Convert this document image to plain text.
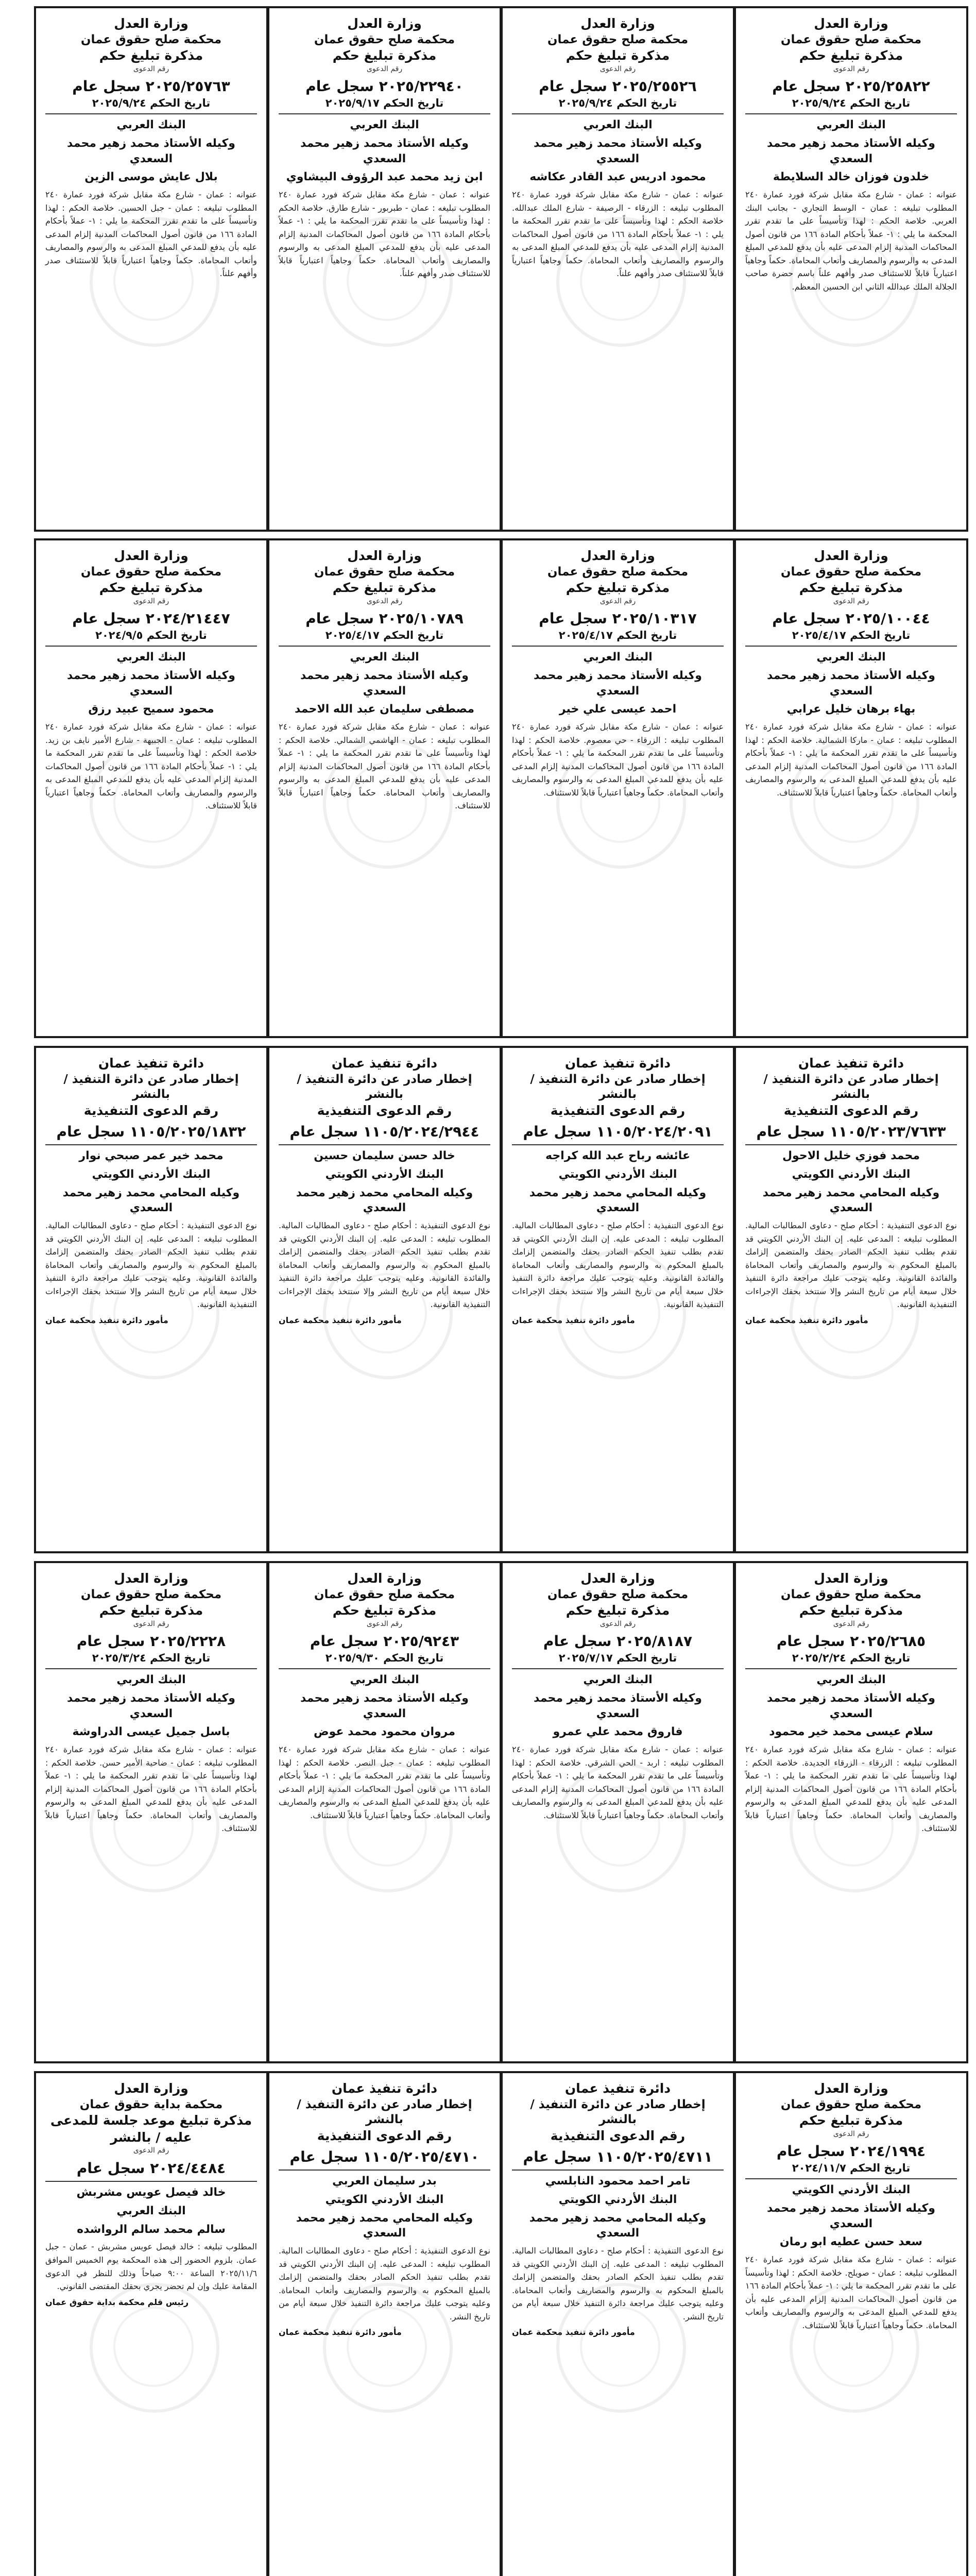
وزارة العدل
محكمة صلح حقوق عمان
مذكرة تبليغ حكم
رقم الدعوى
٢٠٢٥/٢٥٨٢٢ سجل عام
تاريخ الحكم ٢٠٢٥/٩/٢٤
البنك العربي
وكيله الأستاذ محمد زهير محمد السعدي
خلدون فوزان خالد السلايطة
عنوانه : عمان - شارع مكة مقابل شركة فورد عمارة ٢٤٠ المطلوب تبليغه : عمان - الوسط التجاري - بجانب البنك العربي. خلاصة الحكم : لهذا وتأسيساً على ما تقدم تقرر المحكمة ما يلي : ١- عملاً بأحكام المادة ١٦٦ من قانون أصول المحاكمات المدنية إلزام المدعى عليه بأن يدفع للمدعي المبلغ المدعى به والرسوم والمصاريف وأتعاب المحاماة. حكماً وجاهياً اعتبارياً قابلاً للاستئناف صدر وأفهم علناً باسم حضرة صاحب الجلالة الملك عبدالله الثاني ابن الحسين المعظم.
وزارة العدل
محكمة صلح حقوق عمان
مذكرة تبليغ حكم
رقم الدعوى
٢٠٢٥/٢٥٥٢٦ سجل عام
تاريخ الحكم ٢٠٢٥/٩/٢٤
البنك العربي
وكيله الأستاذ محمد زهير محمد السعدي
محمود ادريس عبد القادر عكاشه
عنوانه : عمان - شارع مكة مقابل شركة فورد عمارة ٢٤٠ المطلوب تبليغه : الزرقاء - الرصيفة - شارع الملك عبدالله. خلاصة الحكم : لهذا وتأسيساً على ما تقدم تقرر المحكمة ما يلي : ١- عملاً بأحكام المادة ١٦٦ من قانون أصول المحاكمات المدنية إلزام المدعى عليه بأن يدفع للمدعي المبلغ المدعى به والرسوم والمصاريف وأتعاب المحاماة. حكماً وجاهياً اعتبارياً قابلاً للاستئناف صدر وأفهم علناً.
وزارة العدل
محكمة صلح حقوق عمان
مذكرة تبليغ حكم
رقم الدعوى
٢٠٢٥/٢٢٩٤٠ سجل عام
تاريخ الحكم ٢٠٢٥/٩/١٧
البنك العربي
وكيله الأستاذ محمد زهير محمد السعدي
ابن زيد محمد عبد الرؤوف البيشاوي
عنوانه : عمان - شارع مكة مقابل شركة فورد عمارة ٢٤٠ المطلوب تبليغه : عمان - طبربور - شارع طارق. خلاصة الحكم : لهذا وتأسيساً على ما تقدم تقرر المحكمة ما يلي : ١- عملاً بأحكام المادة ١٦٦ من قانون أصول المحاكمات المدنية إلزام المدعى عليه بأن يدفع للمدعي المبلغ المدعى به والرسوم والمصاريف وأتعاب المحاماة. حكماً وجاهياً اعتبارياً قابلاً للاستئناف صدر وأفهم علناً.
وزارة العدل
محكمة صلح حقوق عمان
مذكرة تبليغ حكم
رقم الدعوى
٢٠٢٥/٢٥٧٦٣ سجل عام
تاريخ الحكم ٢٠٢٥/٩/٢٤
البنك العربي
وكيله الأستاذ محمد زهير محمد السعدي
بلال عايش موسى الزين
عنوانه : عمان - شارع مكة مقابل شركة فورد عمارة ٢٤٠ المطلوب تبليغه : عمان - جبل الحسين. خلاصة الحكم : لهذا وتأسيساً على ما تقدم تقرر المحكمة ما يلي : ١- عملاً بأحكام المادة ١٦٦ من قانون أصول المحاكمات المدنية إلزام المدعى عليه بأن يدفع للمدعي المبلغ المدعى به والرسوم والمصاريف وأتعاب المحاماة. حكماً وجاهياً اعتبارياً قابلاً للاستئناف صدر وأفهم علناً.
وزارة العدل
محكمة صلح حقوق عمان
مذكرة تبليغ حكم
رقم الدعوى
٢٠٢٥/١٠٠٤٤ سجل عام
تاريخ الحكم ٢٠٢٥/٤/١٧
البنك العربي
وكيله الأستاذ محمد زهير محمد السعدي
بهاء برهان خليل عرابي
عنوانه : عمان - شارع مكة مقابل شركة فورد عمارة ٢٤٠ المطلوب تبليغه : عمان - ماركا الشمالية. خلاصة الحكم : لهذا وتأسيساً على ما تقدم تقرر المحكمة ما يلي : ١- عملاً بأحكام المادة ١٦٦ من قانون أصول المحاكمات المدنية إلزام المدعى عليه بأن يدفع للمدعي المبلغ المدعى به والرسوم والمصاريف وأتعاب المحاماة. حكماً وجاهياً اعتبارياً قابلاً للاستئناف.
وزارة العدل
محكمة صلح حقوق عمان
مذكرة تبليغ حكم
رقم الدعوى
٢٠٢٥/١٠٣١٧ سجل عام
تاريخ الحكم ٢٠٢٥/٤/١٧
البنك العربي
وكيله الأستاذ محمد زهير محمد السعدي
احمد عيسى علي خير
عنوانه : عمان - شارع مكة مقابل شركة فورد عمارة ٢٤٠ المطلوب تبليغه : الزرقاء - حي معصوم. خلاصة الحكم : لهذا وتأسيساً على ما تقدم تقرر المحكمة ما يلي : ١- عملاً بأحكام المادة ١٦٦ من قانون أصول المحاكمات المدنية إلزام المدعى عليه بأن يدفع للمدعي المبلغ المدعى به والرسوم والمصاريف وأتعاب المحاماة. حكماً وجاهياً اعتبارياً قابلاً للاستئناف.
وزارة العدل
محكمة صلح حقوق عمان
مذكرة تبليغ حكم
رقم الدعوى
٢٠٢٥/١٠٧٨٩ سجل عام
تاريخ الحكم ٢٠٢٥/٤/١٧
البنك العربي
وكيله الأستاذ محمد زهير محمد السعدي
مصطفى سليمان عبد الله الاحمد
عنوانه : عمان - شارع مكة مقابل شركة فورد عمارة ٢٤٠ المطلوب تبليغه : عمان - الهاشمي الشمالي. خلاصة الحكم : لهذا وتأسيساً على ما تقدم تقرر المحكمة ما يلي : ١- عملاً بأحكام المادة ١٦٦ من قانون أصول المحاكمات المدنية إلزام المدعى عليه بأن يدفع للمدعي المبلغ المدعى به والرسوم والمصاريف وأتعاب المحاماة. حكماً وجاهياً اعتبارياً قابلاً للاستئناف.
وزارة العدل
محكمة صلح حقوق عمان
مذكرة تبليغ حكم
رقم الدعوى
٢٠٢٤/٢١٤٤٧ سجل عام
تاريخ الحكم ٢٠٢٤/٩/٥
البنك العربي
وكيله الأستاذ محمد زهير محمد السعدي
محمود سميح عبيد رزق
عنوانه : عمان - شارع مكة مقابل شركة فورد عمارة ٢٤٠ المطلوب تبليغه : عمان - الجبيهة - شارع الأمير نايف بن زيد. خلاصة الحكم : لهذا وتأسيساً على ما تقدم تقرر المحكمة ما يلي : ١- عملاً بأحكام المادة ١٦٦ من قانون أصول المحاكمات المدنية إلزام المدعى عليه بأن يدفع للمدعي المبلغ المدعى به والرسوم والمصاريف وأتعاب المحاماة. حكماً وجاهياً اعتبارياً قابلاً للاستئناف.
دائرة تنفيذ عمان
إخطار صادر عن دائرة التنفيذ / بالنشر
رقم الدعوى التنفيذية
١١٠٥/٢٠٢٣/٧٦٣٣ سجل عام
محمد فوزي خليل الاحول
البنك الأردني الكويتي
وكيله المحامي محمد زهير محمد السعدي
نوع الدعوى التنفيذية : أحكام صلح - دعاوى المطالبات المالية. المطلوب تبليغه : المدعى عليه. إن البنك الأردني الكويتي قد تقدم بطلب تنفيذ الحكم الصادر بحقك والمتضمن إلزامك بالمبلغ المحكوم به والرسوم والمصاريف وأتعاب المحاماة والفائدة القانونية. وعليه يتوجب عليك مراجعة دائرة التنفيذ خلال سبعة أيام من تاريخ النشر وإلا ستتخذ بحقك الإجراءات التنفيذية القانونية.
مأمور دائرة تنفيذ محكمة عمان
دائرة تنفيذ عمان
إخطار صادر عن دائرة التنفيذ / بالنشر
رقم الدعوى التنفيذية
١١٠٥/٢٠٢٤/٢٠٩١ سجل عام
عائشه رباح عبد الله كراجه
البنك الأردني الكويتي
وكيله المحامي محمد زهير محمد السعدي
نوع الدعوى التنفيذية : أحكام صلح - دعاوى المطالبات المالية. المطلوب تبليغه : المدعى عليه. إن البنك الأردني الكويتي قد تقدم بطلب تنفيذ الحكم الصادر بحقك والمتضمن إلزامك بالمبلغ المحكوم به والرسوم والمصاريف وأتعاب المحاماة والفائدة القانونية. وعليه يتوجب عليك مراجعة دائرة التنفيذ خلال سبعة أيام من تاريخ النشر وإلا ستتخذ بحقك الإجراءات التنفيذية القانونية.
مأمور دائرة تنفيذ محكمة عمان
دائرة تنفيذ عمان
إخطار صادر عن دائرة التنفيذ / بالنشر
رقم الدعوى التنفيذية
١١٠٥/٢٠٢٤/٢٩٤٤ سجل عام
خالد حسن سليمان حسين
البنك الأردني الكويتي
وكيله المحامي محمد زهير محمد السعدي
نوع الدعوى التنفيذية : أحكام صلح - دعاوى المطالبات المالية. المطلوب تبليغه : المدعى عليه. إن البنك الأردني الكويتي قد تقدم بطلب تنفيذ الحكم الصادر بحقك والمتضمن إلزامك بالمبلغ المحكوم به والرسوم والمصاريف وأتعاب المحاماة والفائدة القانونية. وعليه يتوجب عليك مراجعة دائرة التنفيذ خلال سبعة أيام من تاريخ النشر وإلا ستتخذ بحقك الإجراءات التنفيذية القانونية.
مأمور دائرة تنفيذ محكمة عمان
دائرة تنفيذ عمان
إخطار صادر عن دائرة التنفيذ / بالنشر
رقم الدعوى التنفيذية
١١٠٥/٢٠٢٥/١٨٣٢ سجل عام
محمد خير عمر صبحي نوار
البنك الأردني الكويتي
وكيله المحامي محمد زهير محمد السعدي
نوع الدعوى التنفيذية : أحكام صلح - دعاوى المطالبات المالية. المطلوب تبليغه : المدعى عليه. إن البنك الأردني الكويتي قد تقدم بطلب تنفيذ الحكم الصادر بحقك والمتضمن إلزامك بالمبلغ المحكوم به والرسوم والمصاريف وأتعاب المحاماة والفائدة القانونية. وعليه يتوجب عليك مراجعة دائرة التنفيذ خلال سبعة أيام من تاريخ النشر وإلا ستتخذ بحقك الإجراءات التنفيذية القانونية.
مأمور دائرة تنفيذ محكمة عمان
وزارة العدل
محكمة صلح حقوق عمان
مذكرة تبليغ حكم
رقم الدعوى
٢٠٢٥/٢٦٨٥ سجل عام
تاريخ الحكم ٢٠٢٥/٢/٢٤
البنك العربي
وكيله الأستاذ محمد زهير محمد السعدي
سلام عيسى محمد خير محمود
عنوانه : عمان - شارع مكة مقابل شركة فورد عمارة ٢٤٠ المطلوب تبليغه : الزرقاء - الزرقاء الجديدة. خلاصة الحكم : لهذا وتأسيساً على ما تقدم تقرر المحكمة ما يلي : ١- عملاً بأحكام المادة ١٦٦ من قانون أصول المحاكمات المدنية إلزام المدعى عليه بأن يدفع للمدعي المبلغ المدعى به والرسوم والمصاريف وأتعاب المحاماة. حكماً وجاهياً اعتبارياً قابلاً للاستئناف.
وزارة العدل
محكمة صلح حقوق عمان
مذكرة تبليغ حكم
رقم الدعوى
٢٠٢٥/٨١٨٧ سجل عام
تاريخ الحكم ٢٠٢٥/٧/١٧
البنك العربي
وكيله الأستاذ محمد زهير محمد السعدي
فاروق محمد علي عمرو
عنوانه : عمان - شارع مكة مقابل شركة فورد عمارة ٢٤٠ المطلوب تبليغه : اربد - الحي الشرقي. خلاصة الحكم : لهذا وتأسيساً على ما تقدم تقرر المحكمة ما يلي : ١- عملاً بأحكام المادة ١٦٦ من قانون أصول المحاكمات المدنية إلزام المدعى عليه بأن يدفع للمدعي المبلغ المدعى به والرسوم والمصاريف وأتعاب المحاماة. حكماً وجاهياً اعتبارياً قابلاً للاستئناف.
وزارة العدل
محكمة صلح حقوق عمان
مذكرة تبليغ حكم
رقم الدعوى
٢٠٢٥/٩٢٤٣ سجل عام
تاريخ الحكم ٢٠٢٥/٩/٣٠
البنك العربي
وكيله الأستاذ محمد زهير محمد السعدي
مروان محمود محمد عوض
عنوانه : عمان - شارع مكة مقابل شركة فورد عمارة ٢٤٠ المطلوب تبليغه : عمان - جبل النصر. خلاصة الحكم : لهذا وتأسيساً على ما تقدم تقرر المحكمة ما يلي : ١- عملاً بأحكام المادة ١٦٦ من قانون أصول المحاكمات المدنية إلزام المدعى عليه بأن يدفع للمدعي المبلغ المدعى به والرسوم والمصاريف وأتعاب المحاماة. حكماً وجاهياً اعتبارياً قابلاً للاستئناف.
وزارة العدل
محكمة صلح حقوق عمان
مذكرة تبليغ حكم
رقم الدعوى
٢٠٢٥/٢٢٢٨ سجل عام
تاريخ الحكم ٢٠٢٥/٣/٢٤
البنك العربي
وكيله الأستاذ محمد زهير محمد السعدي
باسل جميل عيسى الدراوشة
عنوانه : عمان - شارع مكة مقابل شركة فورد عمارة ٢٤٠ المطلوب تبليغه : عمان - ضاحية الأمير حسن. خلاصة الحكم : لهذا وتأسيساً على ما تقدم تقرر المحكمة ما يلي : ١- عملاً بأحكام المادة ١٦٦ من قانون أصول المحاكمات المدنية إلزام المدعى عليه بأن يدفع للمدعي المبلغ المدعى به والرسوم والمصاريف وأتعاب المحاماة. حكماً وجاهياً اعتبارياً قابلاً للاستئناف.
وزارة العدل
محكمة صلح حقوق عمان
مذكرة تبليغ حكم
رقم الدعوى
٢٠٢٤/١٩٩٤ سجل عام
تاريخ الحكم ٢٠٢٤/١١/٧
البنك الأردني الكويتي
وكيله الأستاذ محمد زهير محمد السعدي
سعد حسن عطيه ابو رمان
عنوانه : عمان - شارع مكة مقابل شركة فورد عمارة ٢٤٠ المطلوب تبليغه : عمان - صويلح. خلاصة الحكم : لهذا وتأسيساً على ما تقدم تقرر المحكمة ما يلي : ١- عملاً بأحكام المادة ١٦٦ من قانون أصول المحاكمات المدنية إلزام المدعى عليه بأن يدفع للمدعي المبلغ المدعى به والرسوم والمصاريف وأتعاب المحاماة. حكماً وجاهياً اعتبارياً قابلاً للاستئناف.
دائرة تنفيذ عمان
إخطار صادر عن دائرة التنفيذ / بالنشر
رقم الدعوى التنفيذية
١١٠٥/٢٠٢٥/٤٧١١ سجل عام
تامر احمد محمود النابلسي
البنك الأردني الكويتي
وكيله المحامي محمد زهير محمد السعدي
نوع الدعوى التنفيذية : أحكام صلح - دعاوى المطالبات المالية. المطلوب تبليغه : المدعى عليه. إن البنك الأردني الكويتي قد تقدم بطلب تنفيذ الحكم الصادر بحقك والمتضمن إلزامك بالمبلغ المحكوم به والرسوم والمصاريف وأتعاب المحاماة. وعليه يتوجب عليك مراجعة دائرة التنفيذ خلال سبعة أيام من تاريخ النشر.
مأمور دائرة تنفيذ محكمة عمان
دائرة تنفيذ عمان
إخطار صادر عن دائرة التنفيذ / بالنشر
رقم الدعوى التنفيذية
١١٠٥/٢٠٢٥/٤٧١٠ سجل عام
بدر سليمان العربي
البنك الأردني الكويتي
وكيله المحامي محمد زهير محمد السعدي
نوع الدعوى التنفيذية : أحكام صلح - دعاوى المطالبات المالية. المطلوب تبليغه : المدعى عليه. إن البنك الأردني الكويتي قد تقدم بطلب تنفيذ الحكم الصادر بحقك والمتضمن إلزامك بالمبلغ المحكوم به والرسوم والمصاريف وأتعاب المحاماة. وعليه يتوجب عليك مراجعة دائرة التنفيذ خلال سبعة أيام من تاريخ النشر.
مأمور دائرة تنفيذ محكمة عمان
وزارة العدل
محكمة بداية حقوق عمان
مذكرة تبليغ موعد جلسة للمدعى عليه / بالنشر
رقم الدعوى
٢٠٢٤/٤٤٨٤ سجل عام
خالد فيصل عويس مشربش
البنك العربي
سالم محمد سالم الرواشده
المطلوب تبليغه : خالد فيصل عويس مشربش - عمان - جبل عمان. بلزوم الحضور إلى هذه المحكمة يوم الخميس الموافق ٢٠٢٥/١١/٦ الساعة ٩:٠٠ صباحاً وذلك للنظر في الدعوى المقامة عليك وإن لم تحضر يجري بحقك المقتضى القانوني.
رئيس قلم محكمة بداية حقوق عمان
